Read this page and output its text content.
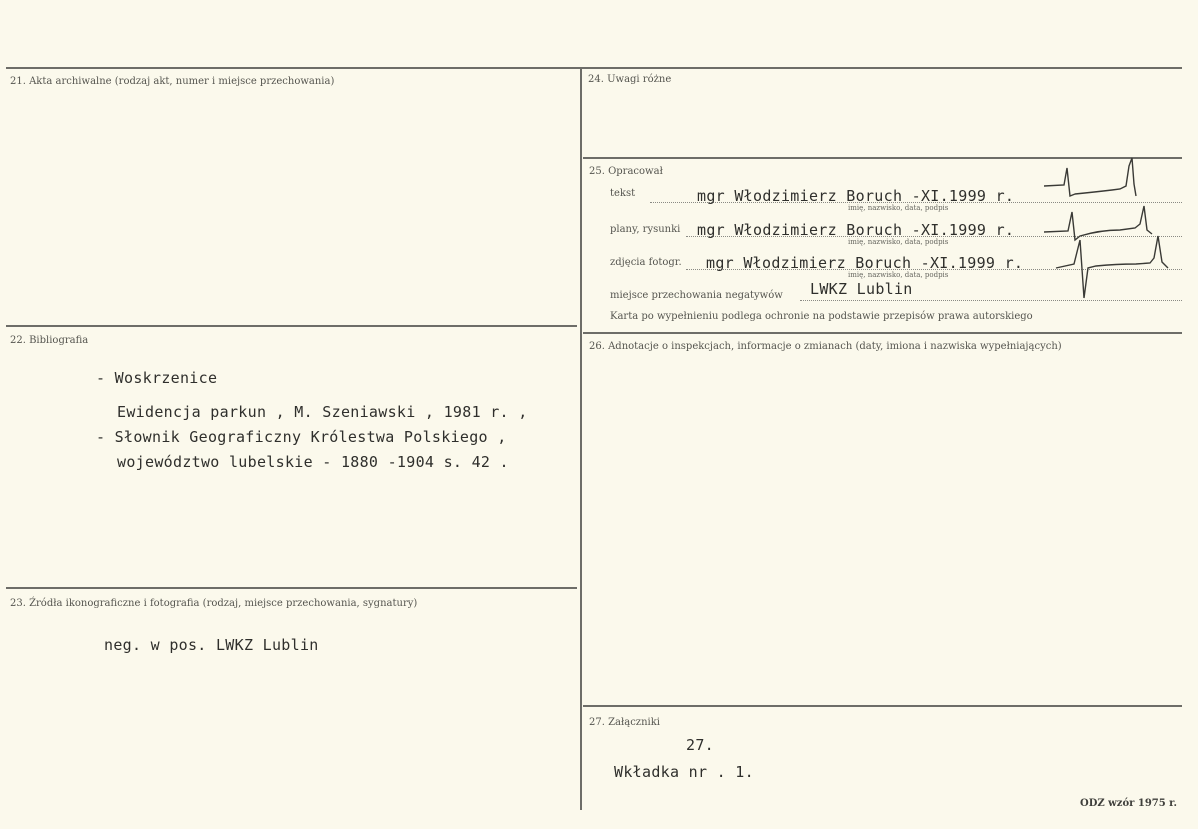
21. Akta archiwalne (rodzaj akt, numer i miejsce przechowania)
22. Bibliografia
- Woskrzenice
Ewidencja parkun , M. Szeniawski , 1981 r. ,
- Słownik Geograficzny Królestwa Polskiego ,
województwo lubelskie - 1880 -1904 s. 42 .
23. Źródła ikonograficzne i fotografia (rodzaj, miejsce przechowania, sygnatury)
neg. w pos. LWKZ Lublin
24. Uwagi różne
25. Opracował
tekst	mgr Włodzimierz Boruch -XI.1999 r.
imię, nazwisko, data, podpis
plany, rysunki mgr Włodzimierz Boruch -XI.1999 r.
imię, nazwisko, data, podpis
zdjęcia fotogr. mgr Włodzimierz Boruch -XI.1999 r.
imię, nazwisko, data, podpis
miejsce przechowania negatywów LWKZ Lublin
Karta po wypełnieniu podlega ochronie na podstawie przepisów prawa autorskiego
26. Adnotacje o inspekcjach, informacje o zmianach (daty, imiona i nazwiska wypełniających)
27. Załączniki
27.
Wkładka nr . 1.
ODZ wzór 1975 r.
